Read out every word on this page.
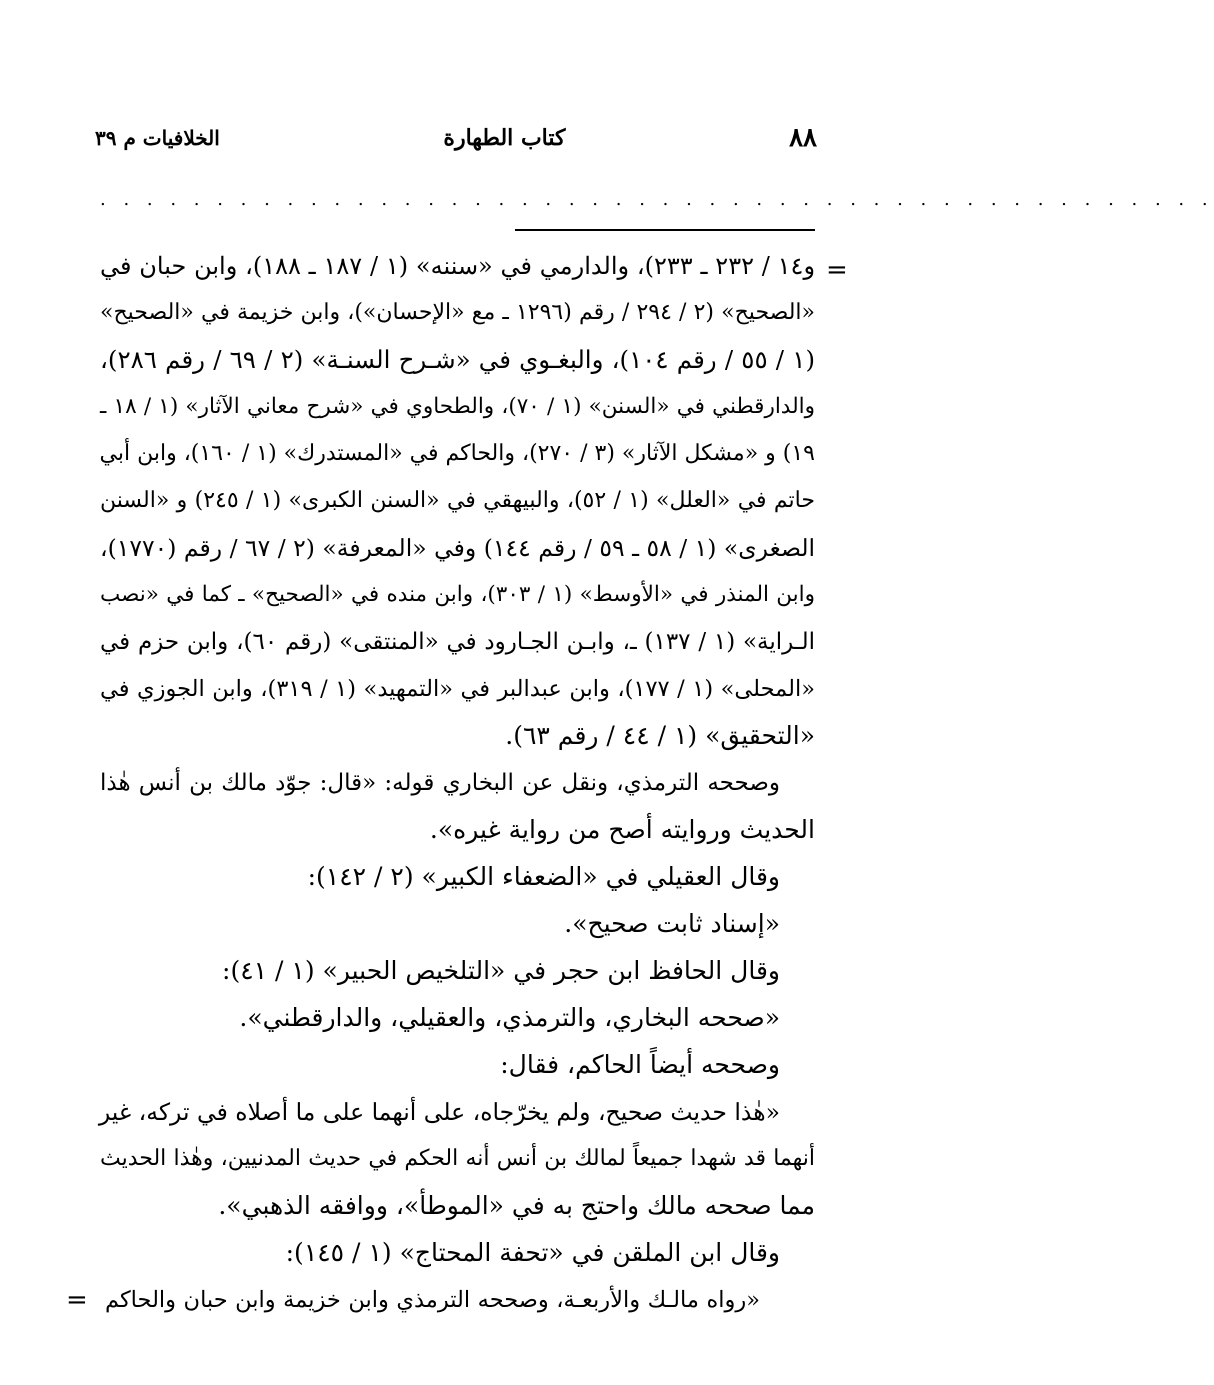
٨٨
كتاب الطهارة
الخلافيات م ٣٩
. . . . . . . . . . . . . . . . . . . . . . . . . . . . . . . . . . . . . . . . . . . . . . . .
=
و١٤ / ٢٣٢ ـ ٢٣٣)، والدارمي في «سننه» (١ / ١٨٧ ـ ١٨٨)، وابن حبان في
«الصحيح» (٢ / ٢٩٤ / رقم (١٢٩٦ ـ مع «الإحسان»)، وابن خزيمة في «الصحيح»
(١ / ٥٥ / رقم ١٠٤)، والبغـوي في «شـرح السنـة» (٢ / ٦٩ / رقم ٢٨٦)،
والدارقطني في «السنن» (١ / ٧٠)، والطحاوي في «شرح معاني الآثار» (١ / ١٨ ـ
١٩) و «مشكل الآثار» (٣ / ٢٧٠)، والحاكم في «المستدرك» (١ / ١٦٠)، وابن أبي
حاتم في «العلل» (١ / ٥٢)، والبيهقي في «السنن الكبرى» (١ / ٢٤٥) و «السنن
الصغرى» (١ / ٥٨ ـ ٥٩ / رقم ١٤٤) وفي «المعرفة» (٢ / ٦٧ / رقم (١٧٧٠)،
وابن المنذر في «الأوسط» (١ / ٣٠٣)، وابن منده في «الصحيح» ـ كما في «نصب
الـراية» (١ / ١٣٧) ـ، وابـن الجـارود في «المنتقى» (رقم ٦٠)، وابن حزم في
«المحلى» (١ / ١٧٧)، وابن عبدالبر في «التمهيد» (١ / ٣١٩)، وابن الجوزي في
«التحقيق» (١ / ٤٤ / رقم ٦٣).
وصححه الترمذي، ونقل عن البخاري قوله: «قال: جوّد مالك بن أنس هٰذا
الحديث وروايته أصح من رواية غيره».
وقال العقيلي في «الضعفاء الكبير» (٢ / ١٤٢):
«إسناد ثابت صحيح».
وقال الحافظ ابن حجر في «التلخيص الحبير» (١ / ٤١):
«صححه البخاري، والترمذي، والعقيلي، والدارقطني».
وصححه أيضاً الحاكم، فقال:
«هٰذا حديث صحيح، ولم يخرّجاه، على أنهما على ما أصلاه في تركه، غير
أنهما قد شهدا جميعاً لمالك بن أنس أنه الحكم في حديث المدنيين، وهٰذا الحديث
مما صححه مالك واحتج به في «الموطأ»، ووافقه الذهبي».
وقال ابن الملقن في «تحفة المحتاج» (١ / ١٤٥):
«رواه مالـك والأربعـة، وصححه الترمذي وابن خزيمة وابن حبان والحاكم
=
